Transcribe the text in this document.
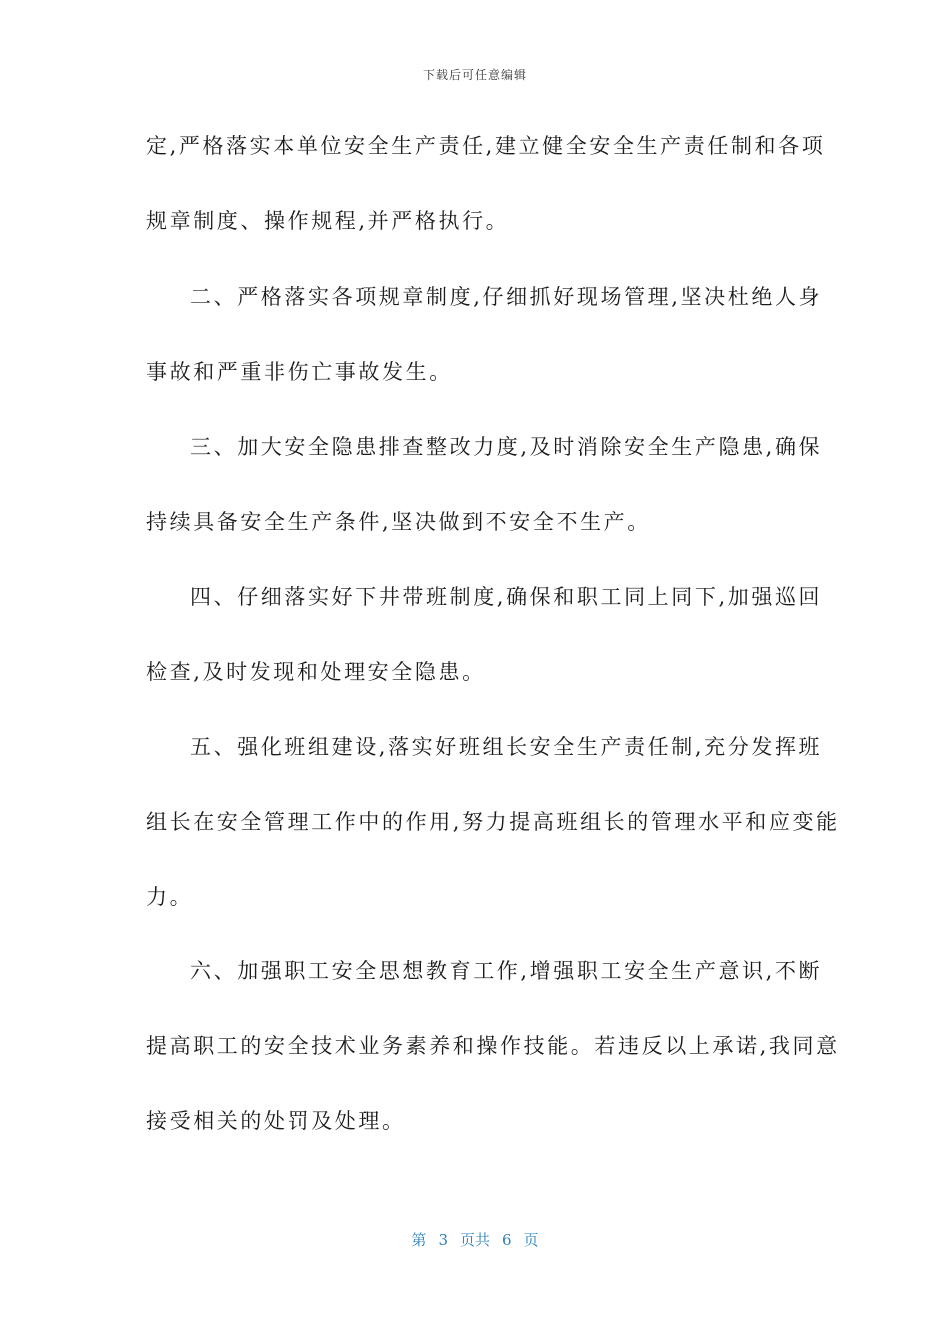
下载后可任意编辑
定,严格落实本单位安全生产责任,建立健全安全生产责任制和各项
规章制度、操作规程,并严格执行。
二、严格落实各项规章制度,仔细抓好现场管理,坚决杜绝人身
事故和严重非伤亡事故发生。
三、加大安全隐患排查整改力度,及时消除安全生产隐患,确保
持续具备安全生产条件,坚决做到不安全不生产。
四、仔细落实好下井带班制度,确保和职工同上同下,加强巡回
检查,及时发现和处理安全隐患。
五、强化班组建设,落实好班组长安全生产责任制,充分发挥班
组长在安全管理工作中的作用,努力提高班组长的管理水平和应变能
力。
六、加强职工安全思想教育工作,增强职工安全生产意识,不断
提高职工的安全技术业务素养和操作技能。若违反以上承诺,我同意
接受相关的处罚及处理。
第 3 页共 6 页
